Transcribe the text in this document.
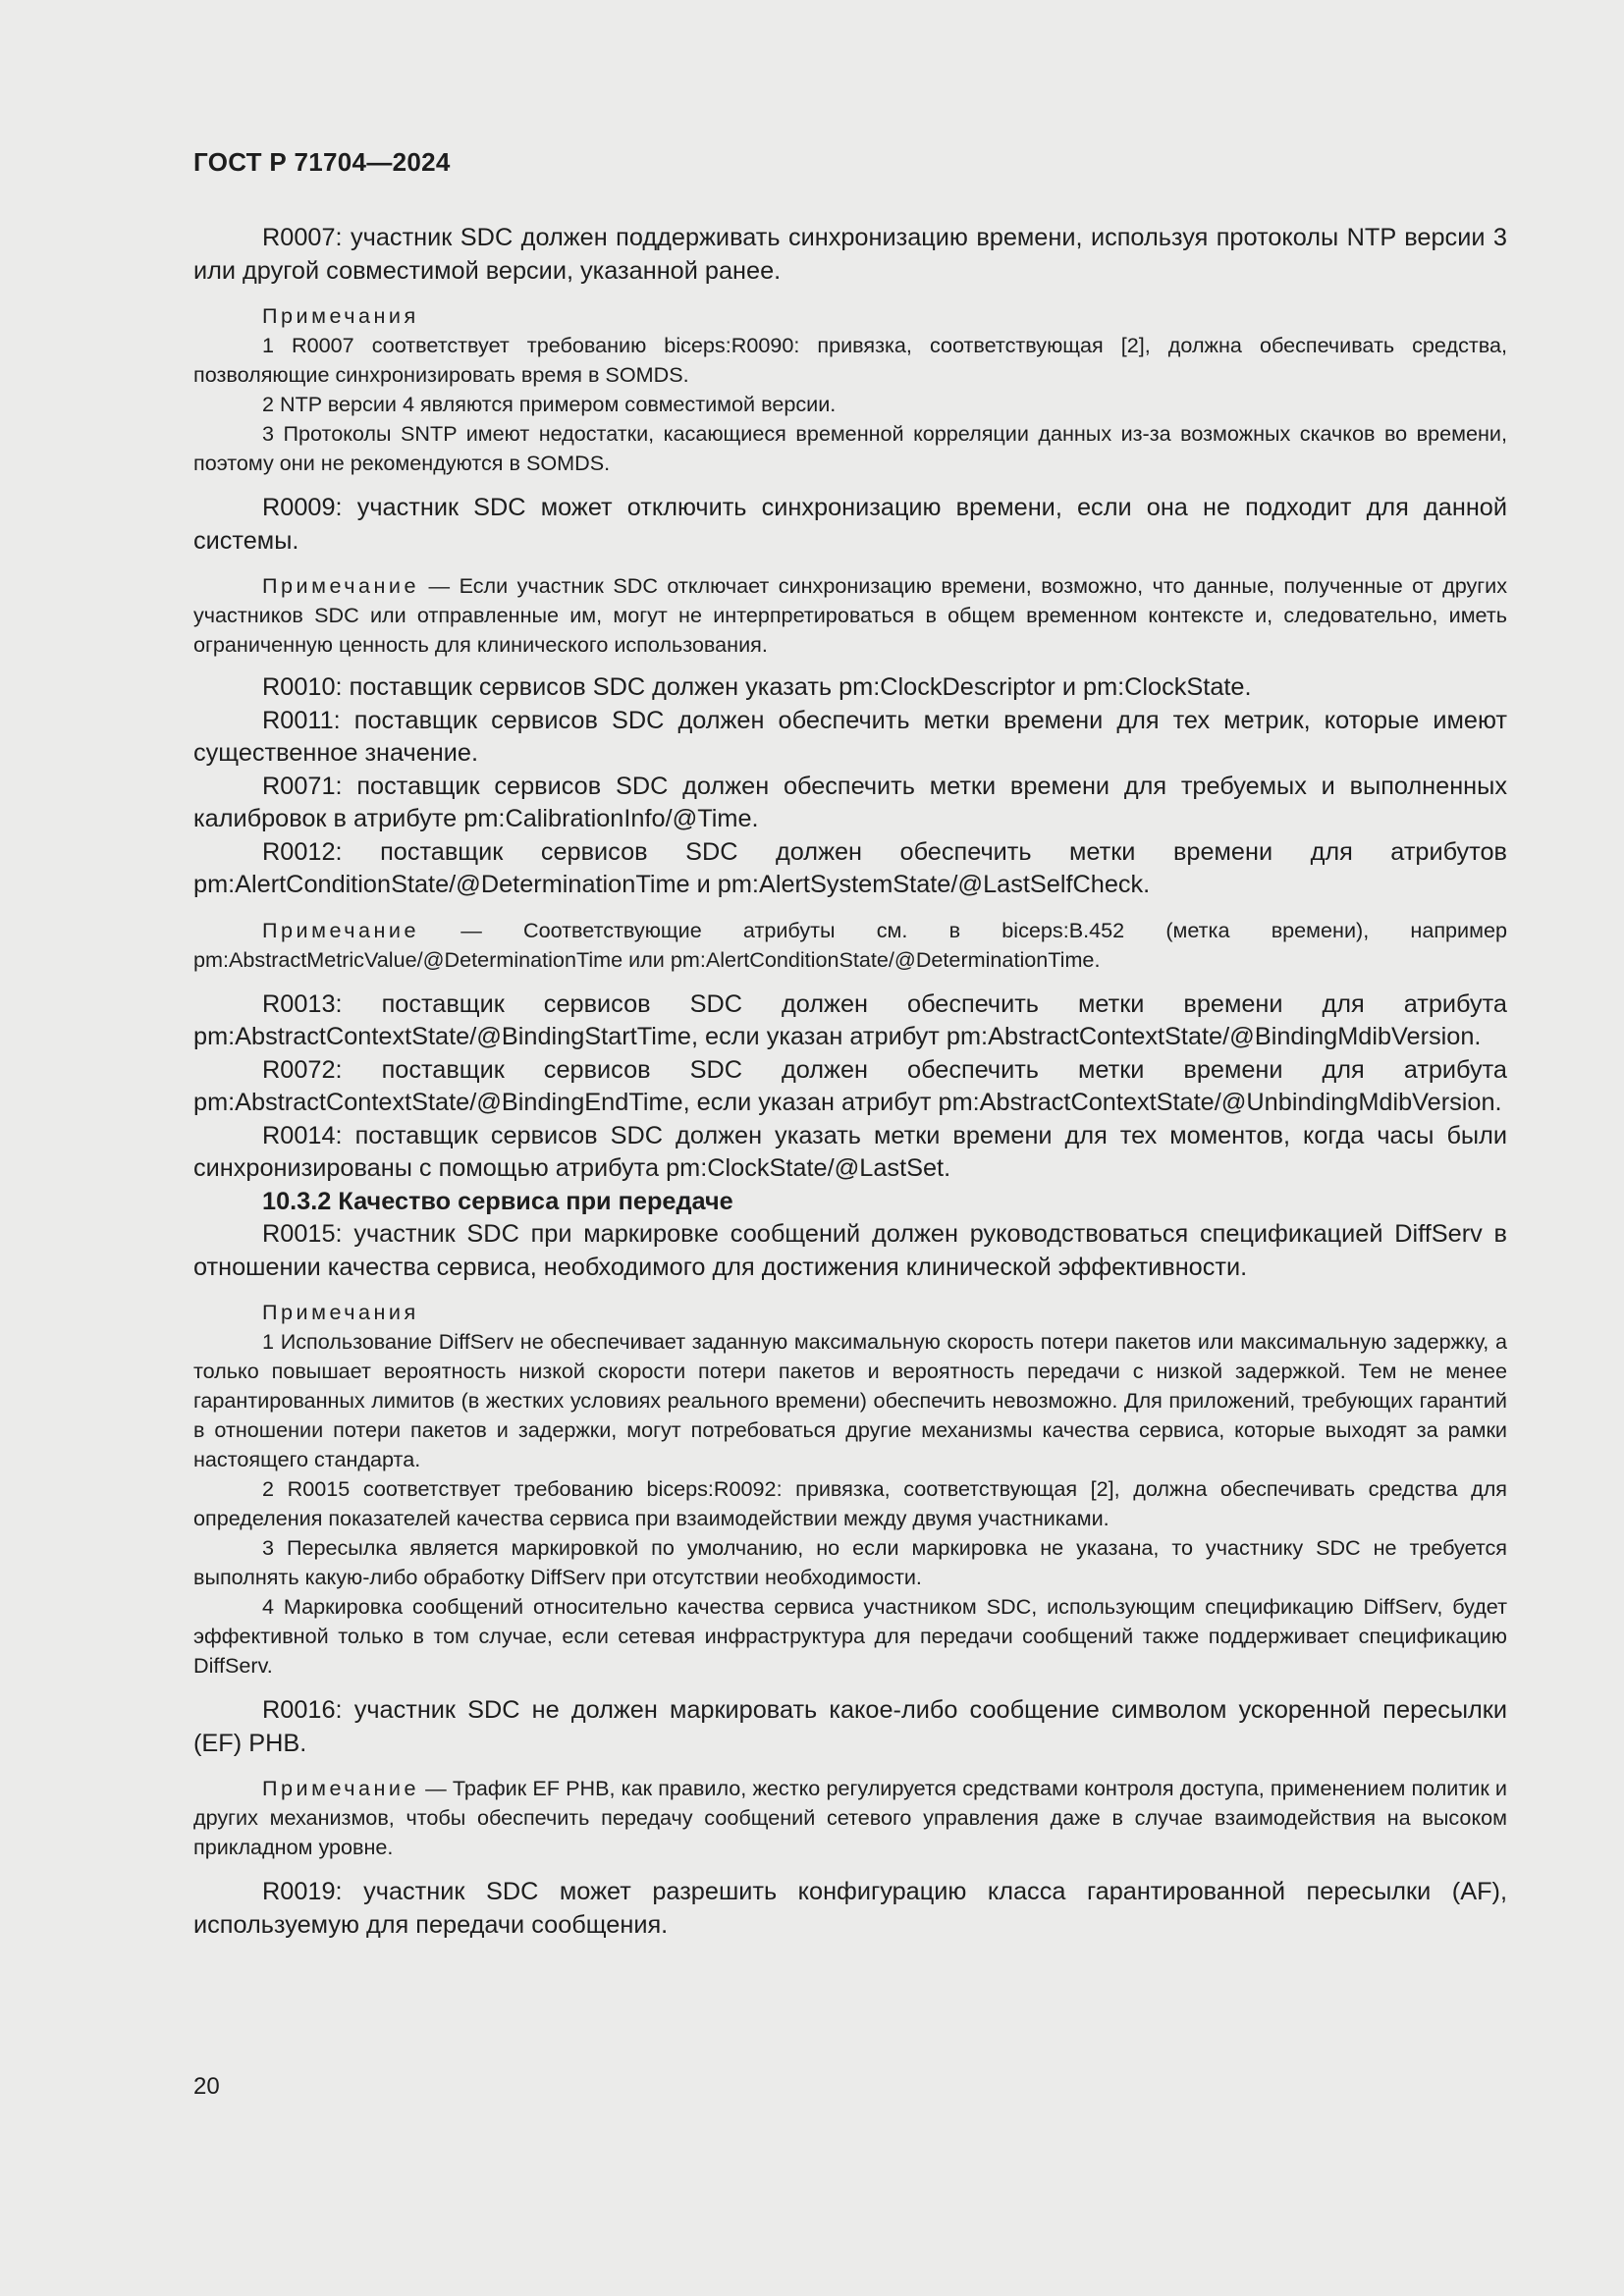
ГОСТ Р 71704—2024

R0007: участник SDC должен поддерживать синхронизацию времени, используя протоколы NTP версии 3 или другой совместимой версии, указанной ранее.

Примечания

1 R0007 соответствует требованию biceps:R0090: привязка, соответствующая [2], должна обеспечивать средства, позволяющие синхронизировать время в SOMDS.

2 NTP версии 4 являются примером совместимой версии.

3 Протоколы SNTP имеют недостатки, касающиеся временной корреляции данных из-за возможных скачков во времени, поэтому они не рекомендуются в SOMDS.

R0009: участник SDC может отключить синхронизацию времени, если она не подходит для данной системы.

Примечание — Если участник SDC отключает синхронизацию времени, возможно, что данные, полученные от других участников SDC или отправленные им, могут не интерпретироваться в общем временном контексте и, следовательно, иметь ограниченную ценность для клинического использования.

R0010: поставщик сервисов SDC должен указать pm:ClockDescriptor и pm:ClockState.

R0011: поставщик сервисов SDC должен обеспечить метки времени для тех метрик, которые имеют существенное значение.

R0071: поставщик сервисов SDC должен обеспечить метки времени для требуемых и выполненных калибровок в атрибуте pm:CalibrationInfo/@Time.

R0012: поставщик сервисов SDC должен обеспечить метки времени для атрибутов pm:AlertConditionState/@DeterminationTime и pm:AlertSystemState/@LastSelfCheck.

Примечание — Соответствующие атрибуты см. в biceps:B.452 (метка времени), например pm:AbstractMetricValue/@DeterminationTime или pm:AlertConditionState/@DeterminationTime.

R0013: поставщик сервисов SDC должен обеспечить метки времени для атрибута pm:AbstractContextState/@BindingStartTime, если указан атрибут pm:AbstractContextState/@BindingMdibVersion.

R0072: поставщик сервисов SDC должен обеспечить метки времени для атрибута pm:AbstractContextState/@BindingEndTime, если указан атрибут pm:AbstractContextState/@UnbindingMdibVersion.

R0014: поставщик сервисов SDC должен указать метки времени для тех моментов, когда часы были синхронизированы с помощью атрибута pm:ClockState/@LastSet.

10.3.2 Качество сервиса при передаче

R0015: участник SDC при маркировке сообщений должен руководствоваться спецификацией DiffServ в отношении качества сервиса, необходимого для достижения клинической эффективности.

Примечания

1 Использование DiffServ не обеспечивает заданную максимальную скорость потери пакетов или максимальную задержку, а только повышает вероятность низкой скорости потери пакетов и вероятность передачи с низкой задержкой. Тем не менее гарантированных лимитов (в жестких условиях реального времени) обеспечить невозможно. Для приложений, требующих гарантий в отношении потери пакетов и задержки, могут потребоваться другие механизмы качества сервиса, которые выходят за рамки настоящего стандарта.

2 R0015 соответствует требованию biceps:R0092: привязка, соответствующая [2], должна обеспечивать средства для определения показателей качества сервиса при взаимодействии между двумя участниками.

3 Пересылка является маркировкой по умолчанию, но если маркировка не указана, то участнику SDC не требуется выполнять какую-либо обработку DiffServ при отсутствии необходимости.

4 Маркировка сообщений относительно качества сервиса участником SDC, использующим спецификацию DiffServ, будет эффективной только в том случае, если сетевая инфраструктура для передачи сообщений также поддерживает спецификацию DiffServ.

R0016: участник SDC не должен маркировать какое-либо сообщение символом ускоренной пересылки (EF) PHB.

Примечание — Трафик EF PHB, как правило, жестко регулируется средствами контроля доступа, применением политик и других механизмов, чтобы обеспечить передачу сообщений сетевого управления даже в случае взаимодействия на высоком прикладном уровне.

R0019: участник SDC может разрешить конфигурацию класса гарантированной пересылки (AF), используемую для передачи сообщения.

20
